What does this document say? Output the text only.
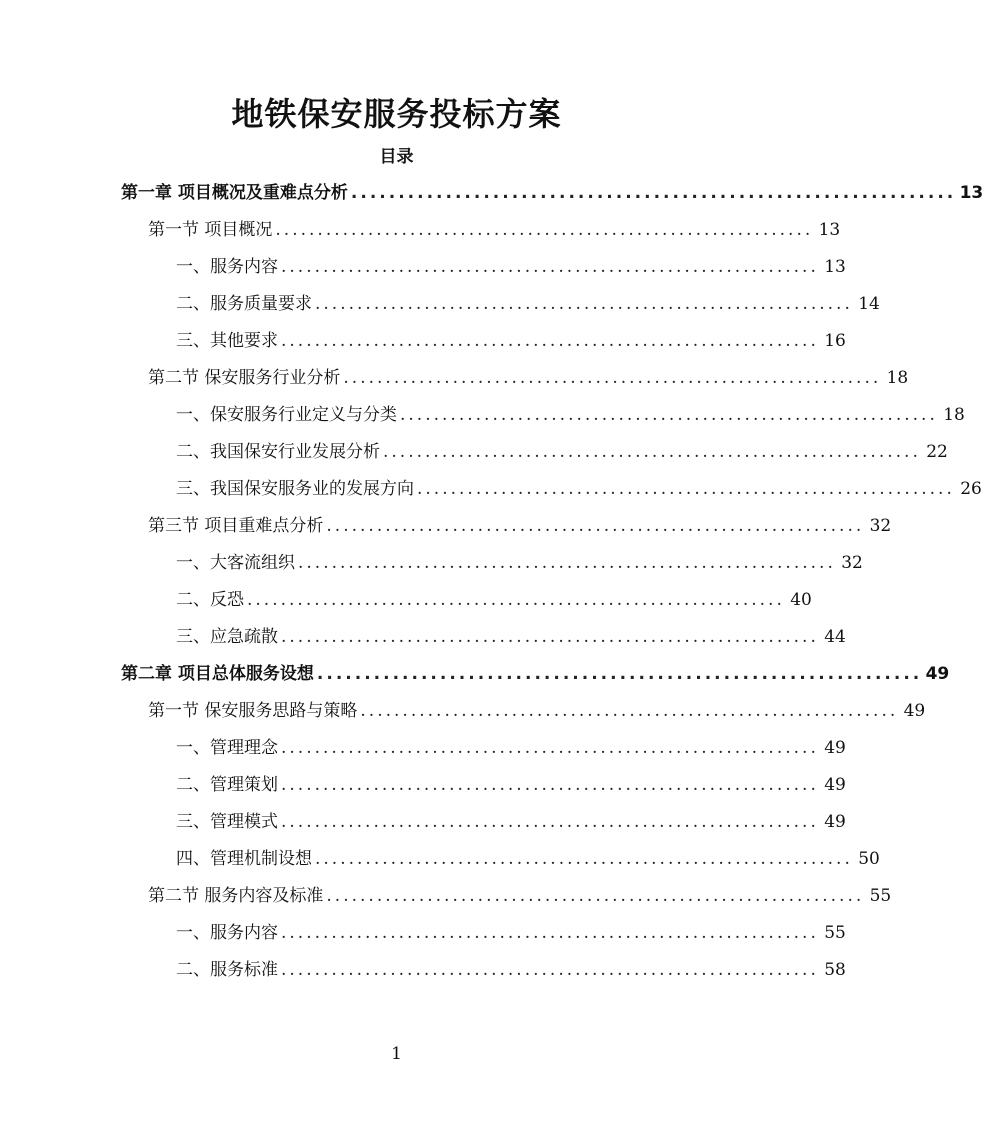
地铁保安服务投标方案
目录
第一章 项目概况及重难点分析 ................................................................ 13
第一节 项目概况 ................................................................ 13
一、服务内容 ................................................................ 13
二、服务质量要求 ................................................................ 14
三、其他要求 ................................................................ 16
第二节 保安服务行业分析 ................................................................ 18
一、保安服务行业定义与分类 ................................................................ 18
二、我国保安行业发展分析 ................................................................ 22
三、我国保安服务业的发展方向 ................................................................ 26
第三节 项目重难点分析 ................................................................ 32
一、大客流组织 ................................................................ 32
二、反恐 ................................................................ 40
三、应急疏散 ................................................................ 44
第二章 项目总体服务设想 ................................................................ 49
第一节 保安服务思路与策略 ................................................................ 49
一、管理理念 ................................................................ 49
二、管理策划 ................................................................ 49
三、管理模式 ................................................................ 49
四、管理机制设想 ................................................................ 50
第二节 服务内容及标准 ................................................................ 55
一、服务内容 ................................................................ 55
二、服务标准 ................................................................ 58
1
